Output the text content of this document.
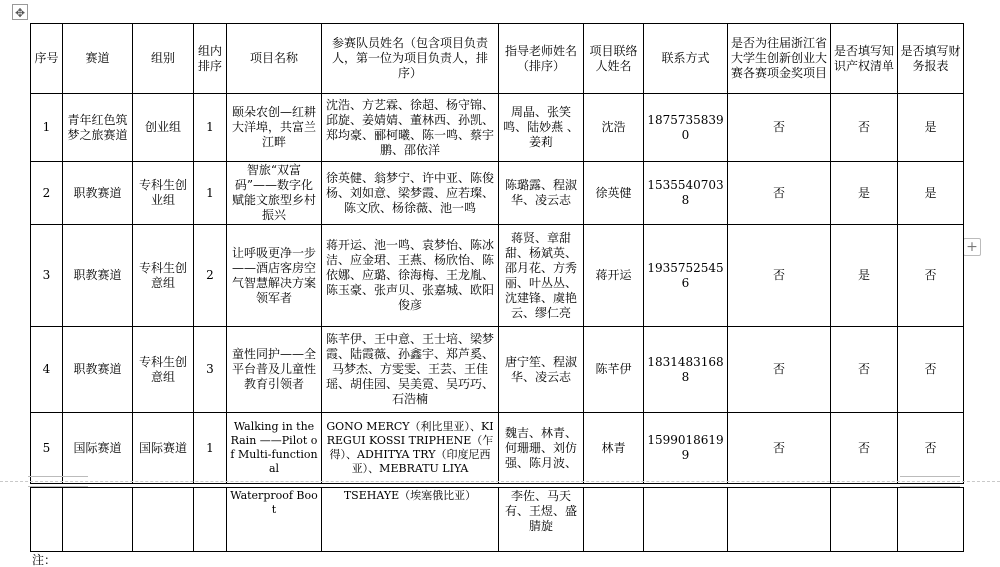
✥
+
序号	赛道	组别	组内排序	项目名称	参赛队员姓名（包含项目负责人，第一位为项目负责人，排序）	指导老师姓名（排序）	项目联络人姓名	联系方式	是否为往届浙江省大学生创新创业大赛各赛项金奖项目	是否填写知识产权清单	是否填写财务报表
1	青年红色筑梦之旅赛道	创业组	1	颐朵农创—红耕大洋埠，共富兰江畔	沈浩、方艺霖、徐超、杨守锦、邱旋、姜婧婧、董林西、孙凯、郑均豪、郦柯曦、陈一鸣、蔡宇鹏、邵依洋	周晶、张笑鸣、陆妙燕 、姜莉	沈浩	18757358390	否	否	是
2	职教赛道	专科生创业组	1	智旅“双富码”——数字化赋能文旅型乡村振兴	徐英健、翁梦宁、许中亚、陈俊杨、刘如意、梁梦霞、应若璨、陈文欣、杨徐薇、池一鸣	陈璐露、程淑华、凌云志	徐英健	15355407038	否	是	是
3	职教赛道	专科生创意组	2	让呼吸更净一步——酒店客房空气智慧解决方案领军者	蒋开运、池一鸣、袁梦怡、陈冰洁、应金珺、王燕、杨欣怡、陈依娜、应璐、徐海梅、王龙胤、陈玉豪、张声贝、张嘉城、欧阳俊彦	蒋贤、章甜甜、杨斌英、邵月花、方秀丽、叶丛丛、沈建锋、虞艳云、缪仁亮	蒋开运	19357525456	否	是	否
4	职教赛道	专科生创意组	3	童性同护——全平台普及儿童性教育引领者	陈芊伊、王中意、王士培、梁梦霞、陆霞薇、孙鑫宇、郑芦奚、马梦杰、方雯雯、王芸、王佳瑶、胡佳园、吴美霓、吴巧巧、石浩楠	唐宁笙、程淑华、凌云志	陈芊伊	18314831688	否	否	否
5	国际赛道	国际赛道	1	Walking in the Rain ——Pilot of Multi-functional	GONO MERCY（利比里亚）、KIREGUI KOSSI TRIPHENE（乍得）、ADHITYA TRY（印度尼西亚）、MEBRATU LIYA	魏吉、林青、何珊珊、刘仿强、陈月波、	林青	15990186199	否	否	否
				Waterproof Boot	TSEHAYE（埃塞俄比亚）	李佐、马天有、王煜、盛腈旋					
注：
